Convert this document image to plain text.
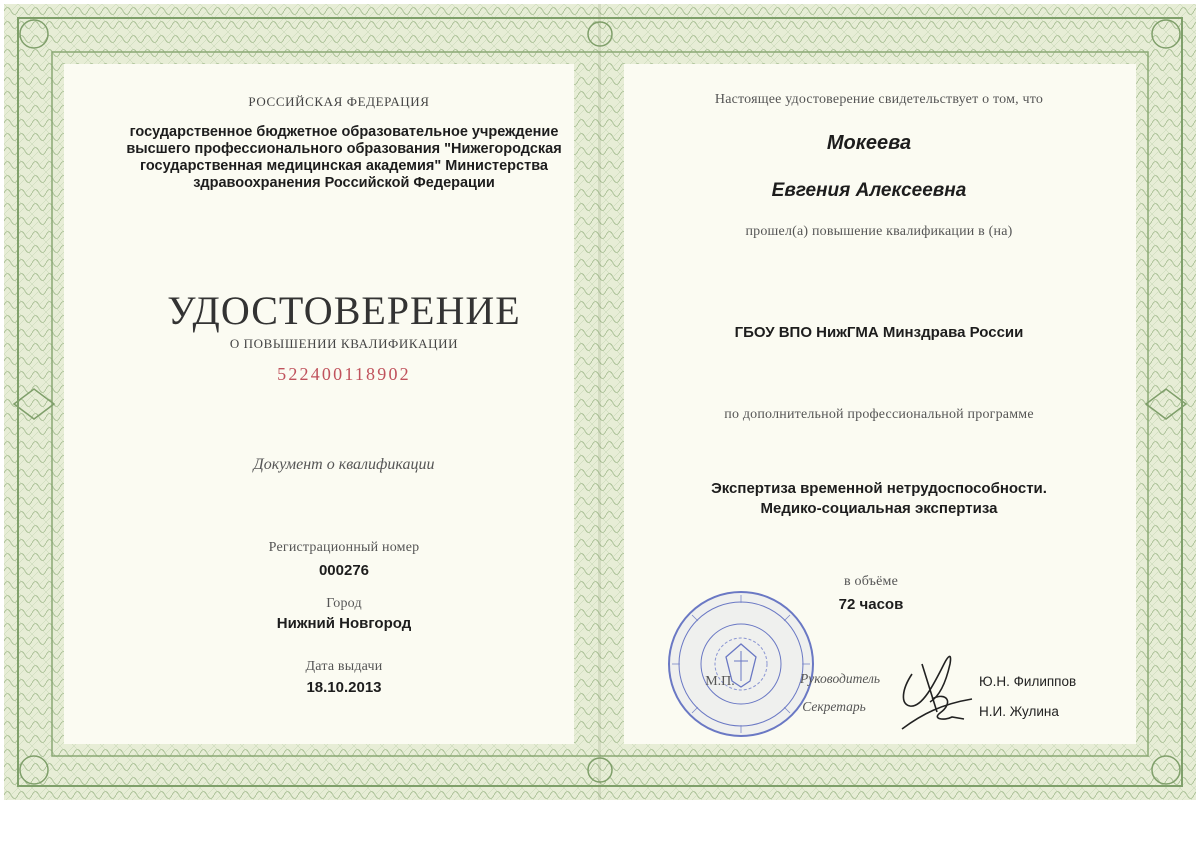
РОССИЙСКАЯ ФЕДЕРАЦИЯ
государственное бюджетное образовательное учреждение высшего профессионального образования "Нижегородская государственная медицинская академия" Министерства здравоохранения Российской Федерации
УДОСТОВЕРЕНИЕ
О ПОВЫШЕНИИ КВАЛИФИКАЦИИ
522400118902
Документ о квалификации
Регистрационный номер
000276
Город
Нижний Новгород
Дата выдачи
18.10.2013
Настоящее удостоверение свидетельствует о том, что
Мокеева
Евгения Алексеевна
прошел(а) повышение квалификации в (на)
ГБОУ ВПО НижГМА Минздрава России
по дополнительной профессиональной программе
Экспертиза временной нетрудоспособности.
Медико-социальная экспертиза
в объёме
72 часов
М.П.	Руководитель
Секретарь
Ю.Н. Филиппов
Н.И. Жулина
